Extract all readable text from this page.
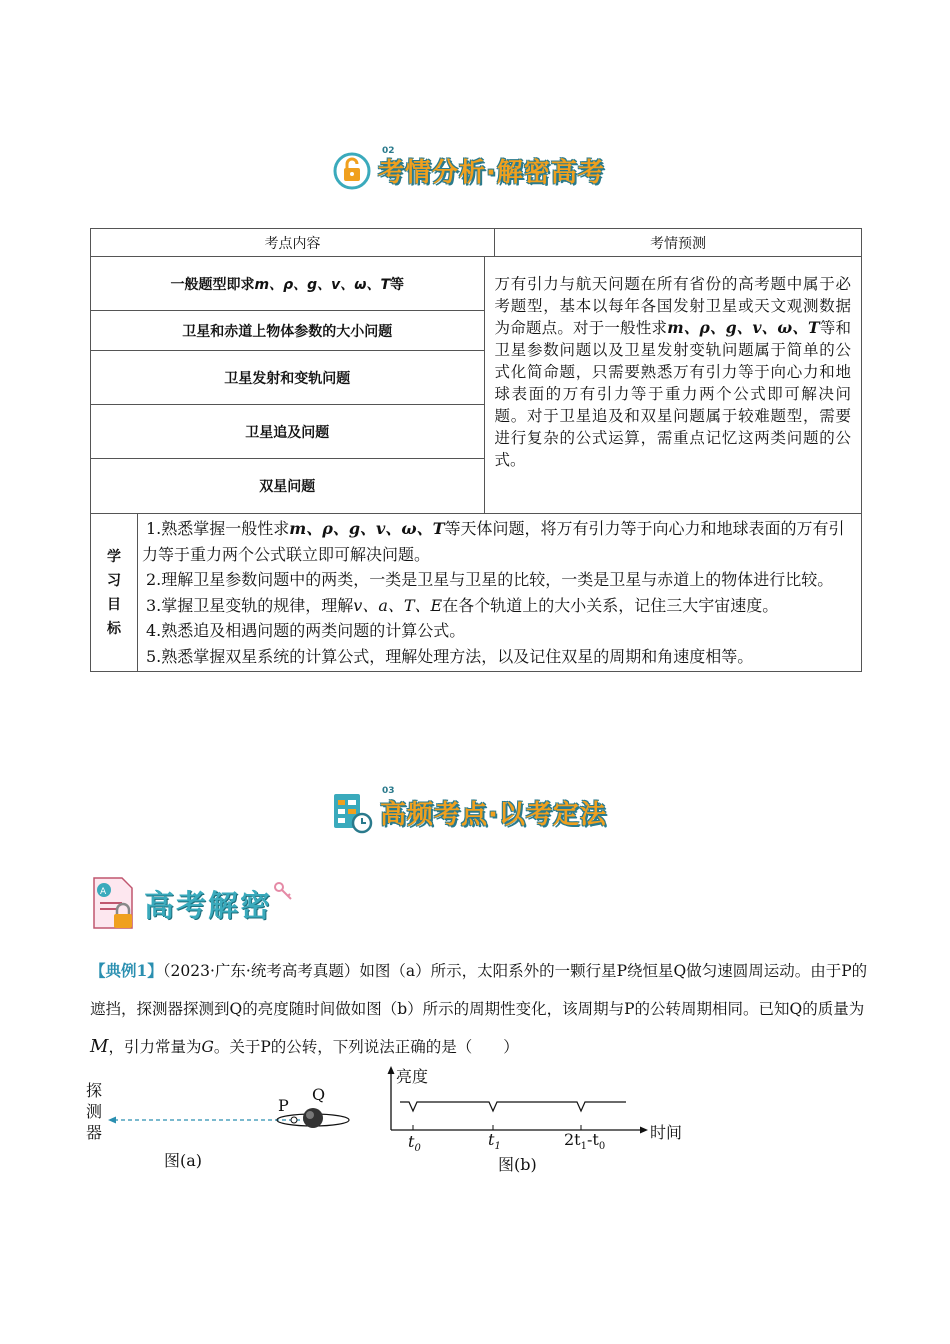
考情分析·解密高考
02
考点内容	考情预测
一般题型即求 m、ρ、g、v、ω、T 等
卫星和赤道上物体参数的大小问题
卫星发射和变轨问题
卫星追及问题
双星问题
万有引力与航天问题在所有省份的高考题中属于必考题型，基本以每年各国发射卫星或天文观测数据为命题点。对于一般性求m、ρ、g、v、ω、T等和卫星参数问题以及卫星发射变轨问题属于简单的公式化简命题，只需要熟悉万有引力等于向心力和地球表面的万有引力等于重力两个公式即可解决问题。对于卫星追及和双星问题属于较难题型，需要进行复杂的公式运算，需重点记忆这两类问题的公式。
学
习
目
标
1.熟悉掌握一般性求m、ρ、g、v、ω、T等天体问题，将万有引力等于向心力和地球表面的万有引力等于重力两个公式联立即可解决问题。
2.理解卫星参数问题中的两类，一类是卫星与卫星的比较，一类是卫星与赤道上的物体进行比较。
3.掌握卫星变轨的规律，理解v、a、T、E在各个轨道上的大小关系，记住三大宇宙速度。
4.熟悉追及相遇问题的两类问题的计算公式。
5.熟悉掌握双星系统的计算公式，理解处理方法，以及记住双星的周期和角速度相等。
高频考点·以考定法
03
A 高考解密
【典例1】（2023·广东·统考高考真题）如图（a）所示，太阳系外的一颗行星P绕恒星Q做匀速圆周运动。由于P的遮挡，探测器探测到Q的亮度随时间做如图（b）所示的周期性变化，该周期与P的公转周期相同。已知Q的质量为M，引力常量为G。关于P的公转，下列说法正确的是（　　）
探
测
器
P
Q
图(a)
亮度
时间
$t_0$	$t_1$	$2t_1-t_0$
图(b)
